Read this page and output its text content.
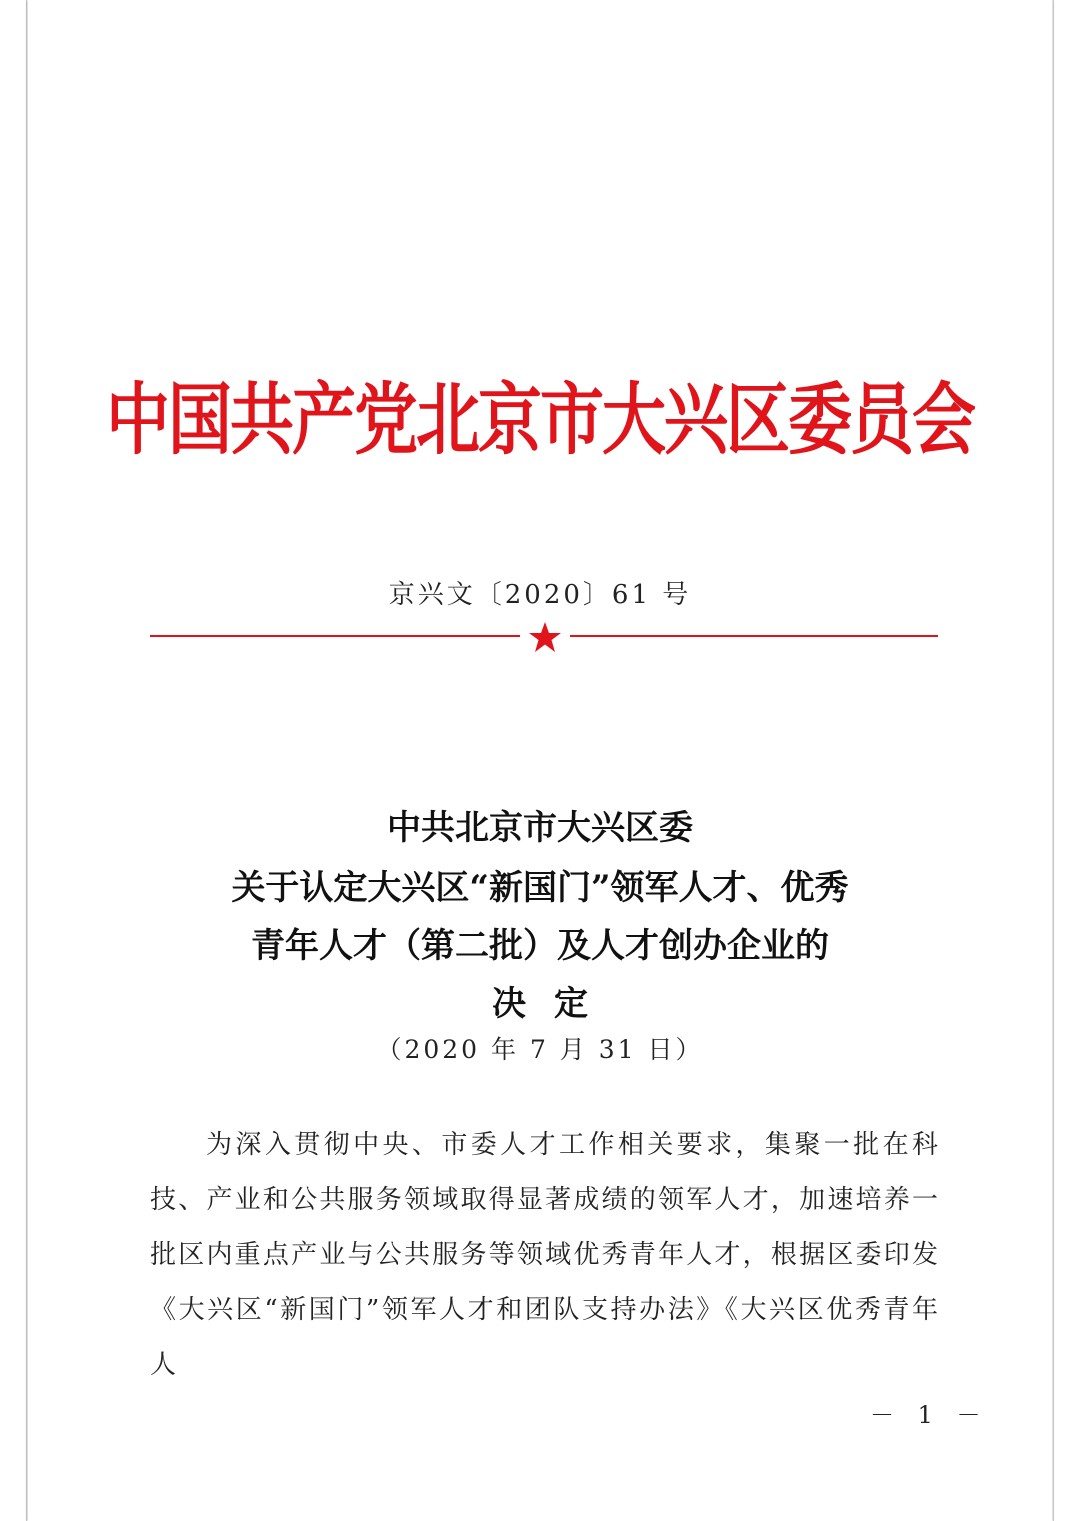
中国共产党北京市大兴区委员会
京兴文〔2020〕61 号
中共北京市大兴区委
关于认定大兴区“新国门”领军人才、优秀
青年人才（第二批）及人才创办企业的
决定
（2020 年 7 月 31 日）

为深入贯彻中央、市委人才工作相关要求，集聚一批在科技、产业和公共服务领域取得显著成绩的领军人才，加速培养一批区内重点产业与公共服务等领域优秀青年人才，根据区委印发《大兴区“新国门”领军人才和团队支持办法》《大兴区优秀青年人

－ 1 －
